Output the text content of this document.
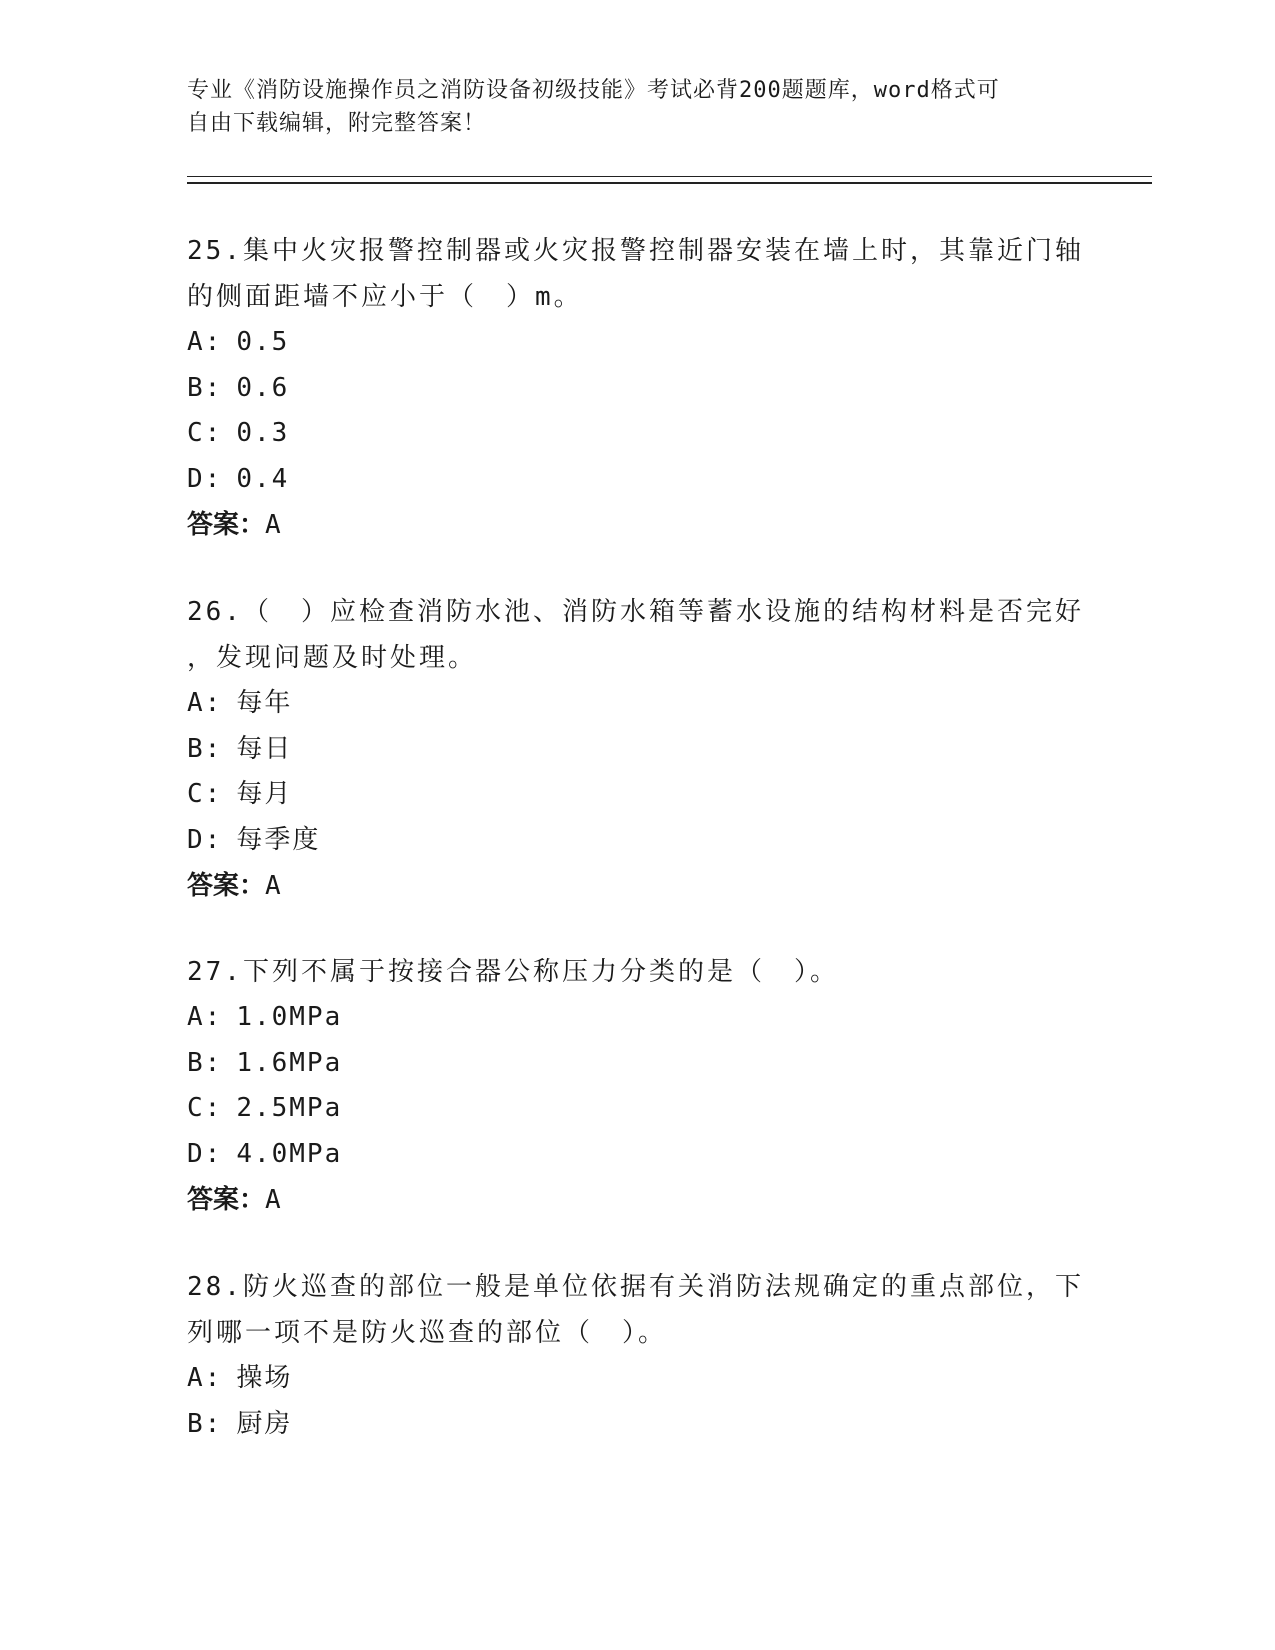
专业《消防设施操作员之消防设备初级技能》考试必背200题题库，word格式可
自由下载编辑，附完整答案！

25.集中火灾报警控制器或火灾报警控制器安装在墙上时，其靠近门轴

的侧面距墙不应小于（　）m。

A: 0.5

B: 0.6

C: 0.3

D: 0.4

答案：A

26.（　）应检查消防水池、消防水箱等蓄水设施的结构材料是否完好

，发现问题及时处理。

A: 每年

B: 每日

C: 每月

D: 每季度

答案：A

27.下列不属于按接合器公称压力分类的是（　）。

A: 1.0MPa

B: 1.6MPa

C: 2.5MPa

D: 4.0MPa

答案：A

28.防火巡查的部位一般是单位依据有关消防法规确定的重点部位，下

列哪一项不是防火巡查的部位（　）。

A: 操场

B: 厨房
